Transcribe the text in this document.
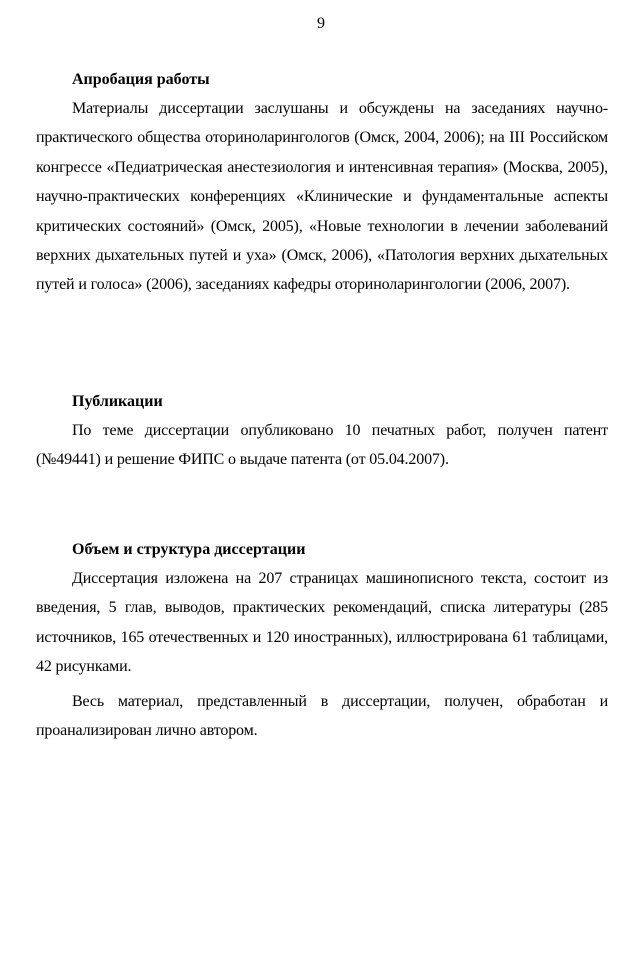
9
Апробация работы

Материалы диссертации заслушаны и обсуждены на заседаниях научно-практического общества оториноларингологов (Омск, 2004, 2006); на III Российском конгрессе «Педиатрическая анестезиология и интенсивная терапия» (Москва, 2005), научно-практических конференциях «Клинические и фундаментальные аспекты критических состояний» (Омск, 2005), «Новые технологии в лечении заболеваний верхних дыхательных путей и уха» (Омск, 2006), «Патология верхних дыхательных путей и голоса» (2006), заседаниях кафедры оториноларингологии (2006, 2007).

Публикации

По теме диссертации опубликовано 10 печатных работ, получен патент (№49441) и решение ФИПС о выдаче патента (от 05.04.2007).

Объем и структура диссертации

Диссертация изложена на 207 страницах машинописного текста, состоит из введения, 5 глав, выводов, практических рекомендаций, списка литературы (285 источников, 165 отечественных и 120 иностранных), иллюстрирована 61 таблицами, 42 рисунками.

Весь материал, представленный в диссертации, получен, обработан и проанализирован лично автором.
